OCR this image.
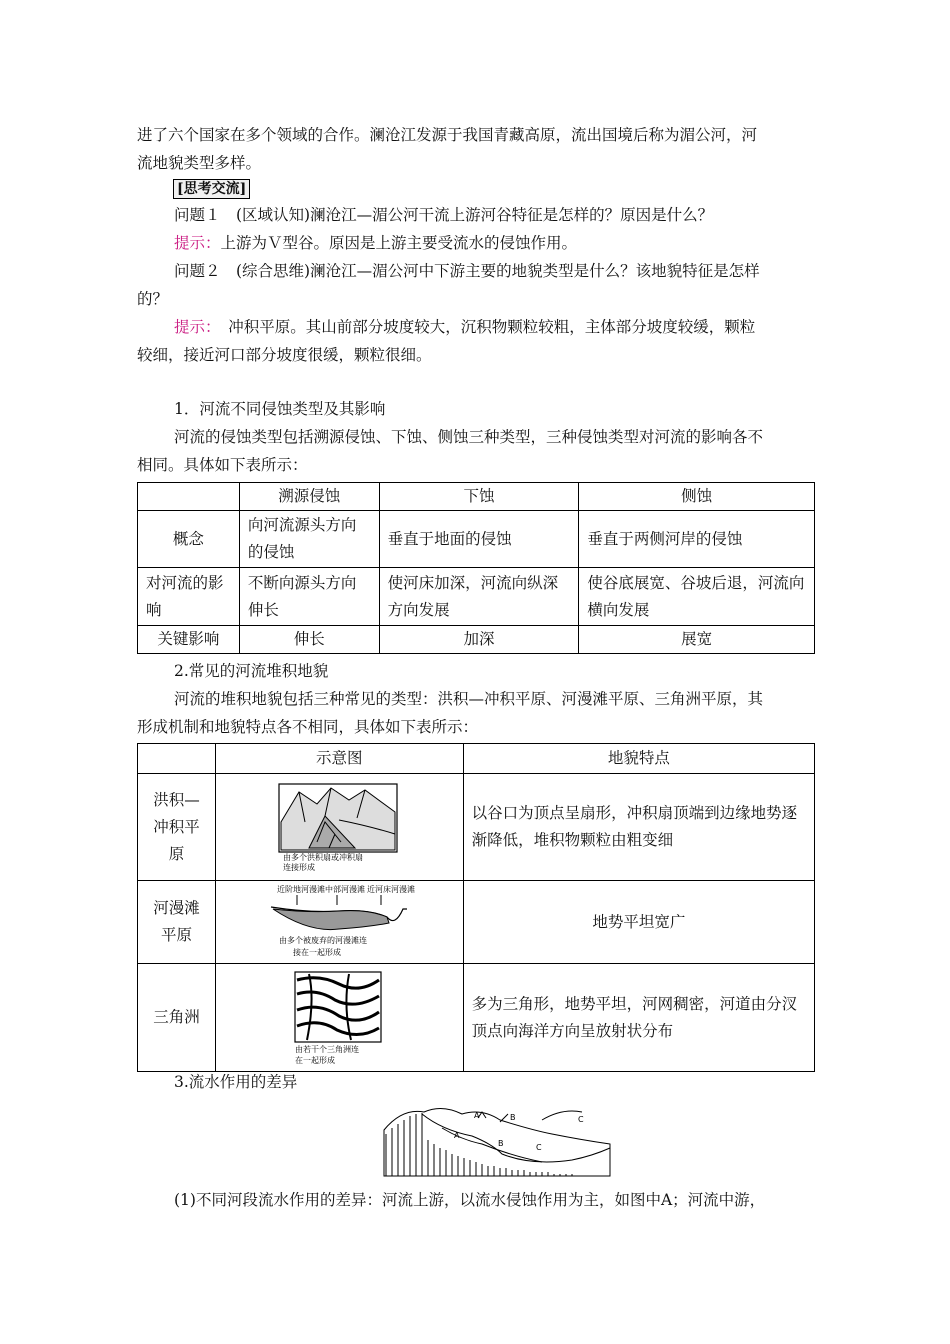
进了六个国家在多个领域的合作。澜沧江发源于我国青藏高原，流出国境后称为湄公河，河

流地貌类型多样。

[思考交流]

问题１　(区域认知)澜沧江—湄公河干流上游河谷特征是怎样的？原因是什么？

提示：上游为Ｖ型谷。原因是上游主要受流水的侵蚀作用。

问题２　(综合思维)澜沧江—湄公河中下游主要的地貌类型是什么？该地貌特征是怎样

的？

提示：　冲积平原。其山前部分坡度较大，沉积物颗粒较粗，主体部分坡度较缓，颗粒

较细，接近河口部分坡度很缓，颗粒很细。

1．河流不同侵蚀类型及其影响

河流的侵蚀类型包括溯源侵蚀、下蚀、侧蚀三种类型，三种侵蚀类型对河流的影响各不

相同。具体如下表所示：

	溯源侵蚀	下蚀	侧蚀
概念	向河流源头方向的侵蚀	垂直于地面的侵蚀	垂直于两侧河岸的侵蚀
对河流的影响	不断向源头方向伸长	使河床加深，河流向纵深方向发展	使谷底展宽、谷坡后退，河流向横向发展
关键影响	伸长	加深	展宽

2.常见的河流堆积地貌

河流的堆积地貌包括三种常见的类型：洪积—冲积平原、河漫滩平原、三角洲平原，其

形成机制和地貌特点各不相同，具体如下表所示：

	示意图	地貌特点
洪积—冲积平原	由多个洪积扇或冲积扇
连接形成	以谷口为顶点呈扇形，冲积扇顶端到边缘地势逐渐降低，堆积物颗粒由粗变细
河漫滩平原	近阶地河漫滩 中部河漫滩 近河床河漫滩
由多个被废弃的河漫滩连
接在一起形成	地势平坦宽广
三角洲	由若干个三角洲连
在一起形成	多为三角形，地势平坦，河网稠密，河道由分汊顶点向海洋方向呈放射状分布

3.流水作用的差异

A
A
B
B
C
C

(1)不同河段流水作用的差异：河流上游，以流水侵蚀作用为主，如图中A；河流中游，
